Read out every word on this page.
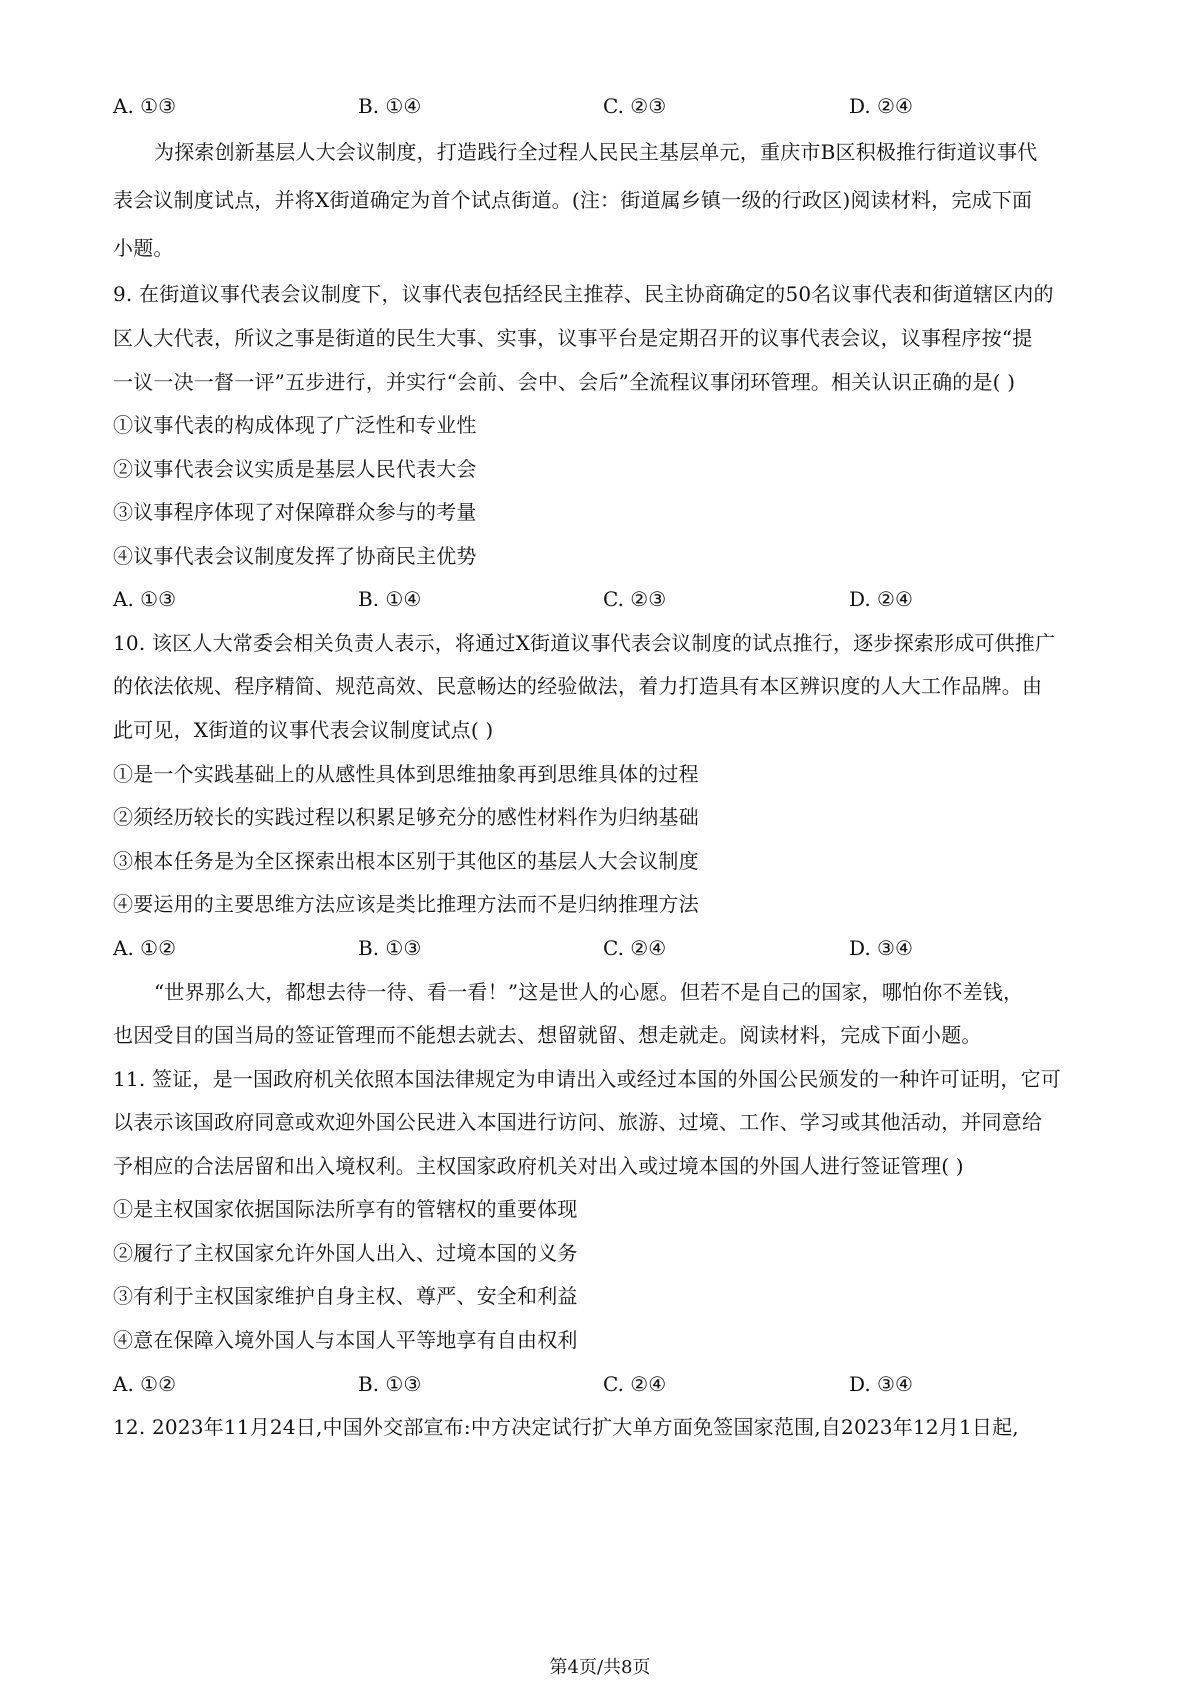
A. ①③	B. ①④	C. ②③	D. ②④
为探索创新基层人大会议制度，打造践行全过程人民民主基层单元，重庆市B区积极推行街道议事代
表会议制度试点，并将X街道确定为首个试点街道。(注：街道属乡镇一级的行政区)阅读材料，完成下面
小题。
9. 在街道议事代表会议制度下，议事代表包括经民主推荐、民主协商确定的50名议事代表和街道辖区内的
区人大代表，所议之事是街道的民生大事、实事，议事平台是定期召开的议事代表会议，议事程序按“提
一议一决一督一评”五步进行，并实行“会前、会中、会后”全流程议事闭环管理。相关认识正确的是( )
①议事代表的构成体现了广泛性和专业性
②议事代表会议实质是基层人民代表大会
③议事程序体现了对保障群众参与的考量
④议事代表会议制度发挥了协商民主优势
A. ①③	B. ①④	C. ②③	D. ②④
10. 该区人大常委会相关负责人表示，将通过X街道议事代表会议制度的试点推行，逐步探索形成可供推广
的依法依规、程序精简、规范高效、民意畅达的经验做法，着力打造具有本区辨识度的人大工作品牌。由
此可见，X街道的议事代表会议制度试点( )
①是一个实践基础上的从感性具体到思维抽象再到思维具体的过程
②须经历较长的实践过程以积累足够充分的感性材料作为归纳基础
③根本任务是为全区探索出根本区别于其他区的基层人大会议制度
④要运用的主要思维方法应该是类比推理方法而不是归纳推理方法
A. ①②	B. ①③	C. ②④	D. ③④
“世界那么大，都想去待一待、看一看！”这是世人的心愿。但若不是自己的国家，哪怕你不差钱，
也因受目的国当局的签证管理而不能想去就去、想留就留、想走就走。阅读材料，完成下面小题。
11. 签证，是一国政府机关依照本国法律规定为申请出入或经过本国的外国公民颁发的一种许可证明，它可
以表示该国政府同意或欢迎外国公民进入本国进行访问、旅游、过境、工作、学习或其他活动，并同意给
予相应的合法居留和出入境权利。主权国家政府机关对出入或过境本国的外国人进行签证管理( )
①是主权国家依据国际法所享有的管辖权的重要体现
②履行了主权国家允许外国人出入、过境本国的义务
③有利于主权国家维护自身主权、尊严、安全和利益
④意在保障入境外国人与本国人平等地享有自由权利
A. ①②	B. ①③	C. ②④	D. ③④
12. 2023年11月24日,中国外交部宣布:中方决定试行扩大单方面免签国家范围,自2023年12月1日起,
第4页/共8页
